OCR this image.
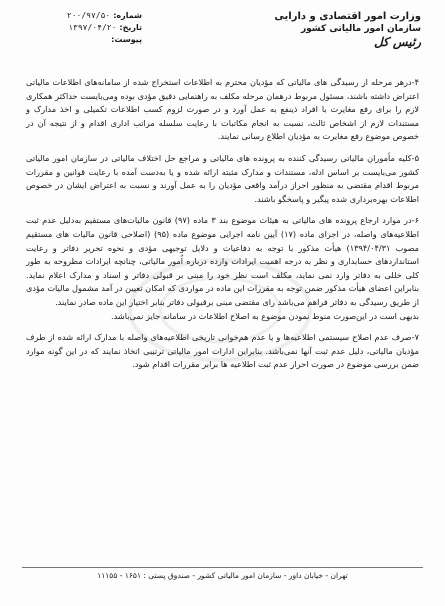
وزارت امور اقتصادی و دارایی
سازمان امور مالیاتی کشور
رئیس کل
شماره:
۲۰۰/۹۷/۵۰
تاریخ:
۱۳۹۷/۰۴/۲۰
پیوست:

۴-درهر مرحله از رسیدگی های مالیاتی که مؤدیان محترم به اطلاعات استخراج شده از سامانه‌های اطلاعات مالیاتی اعتراض داشته باشند، مسئول مربوط درهمان مرحله مکلف به راهنمایی دقیق مؤدی بوده ومی‌بایست حداکثر همکاری لازم را برای رفع مغایرت با افراد ذینفع به عمل آورد و در صورت لزوم کسب اطلاعات تکمیلی و اخذ مدارک و مستندات لازم از اشخاص ثالث، نسبت به انجام مکاتبات با رعایت سلسله مراتب اداری اقدام و از نتیجه آن در خصوص موضوع رفع مغایرت به مؤدیان اطلاع رسانی نمایند.

۵-کلیه مأموران مالیاتی رسیدگی کننده به پرونده های مالیاتی و مراجع حل اختلاف مالیاتی در سازمان امور مالیاتی کشور می‌بایست بر اساس ادله، مستندات و مدارک مثبته ارائه شده و یا به‌دست آمده با رعایت قوانین و مقررات مربوط اقدام مقتضی به منظور احراز درآمد واقعی مؤدیان را به عمل آورند و نسبت به اعتراض ایشان در خصوص اطلاعات بهره‌برداری شده پیگیر و پاسخگو باشند.

۶-در موارد ارجاع پرونده های مالیاتی به هیئات موضوع بند ۳ ماده (۹۷) قانون مالیات‌های مستقیم به‌دلیل عدم ثبت اطلاعیه‌های واصله، در اجرای ماده (۱۷) آیین نامه اجرایی موضوع ماده (۹۵) (اصلاحی قانون مالیات های مستقیم مصوب ۱۳۹۴/۰۴/۳۱) هیأت مذکور با توجه به دفاعیات و دلایل توجیهی مؤدی و نحوه تحریر دفاتر و رعایت استانداردهای حسابداری و نظر به درجه اهمیت ایرادات وارده درباره اُمور مالیاتی، چنانچه ایرادات مطروحه به طور کلی خللی به دفاتر وارد نمی نماید، مکلف است نظر خود را مبنی بر قبولی دفاتر و اسناد و مدارک اعلام نماید. بنابراین اعضای هیأت مذکور ضمن توجه به مقررات این ماده در مواردی که امکان تعیین در آمد مشمول مالیات مؤدی از طریق رسیدگی به دفاتر فراهم می‌باشد رای مقتضی مبنی برقبولی دفاتر بنابر اختیار این ماده صادر نمایند.

بدیهی است در این‌صورت منوط نمودن موضوع به اصلاح اطلاعات در سامانه جایز نمی‌باشد.

۷-صرف عدم اصلاح سیستمی اطلاعیه‌ها و یا عدم هم‌خوانی تاریخی اطلاعیه‌های واصله با مدارک ارائه شده از طرف مؤدیان مالیاتی، دلیل عدم ثبت آنها نمی‌باشد. بنابراین ادارات امور مالیاتی ترتیبی اتخاذ نمایند که در این گونه موارد ضمن بررسی موضوع در صورت احراز عدم ثبت اطلاعیه ها برابر مقررات اقدام شود.

تهران - خیابان داور - سازمان امور مالیاتی کشور - صندوق پستی : ۱۶۵۱ - ۱۱۱۵۵
